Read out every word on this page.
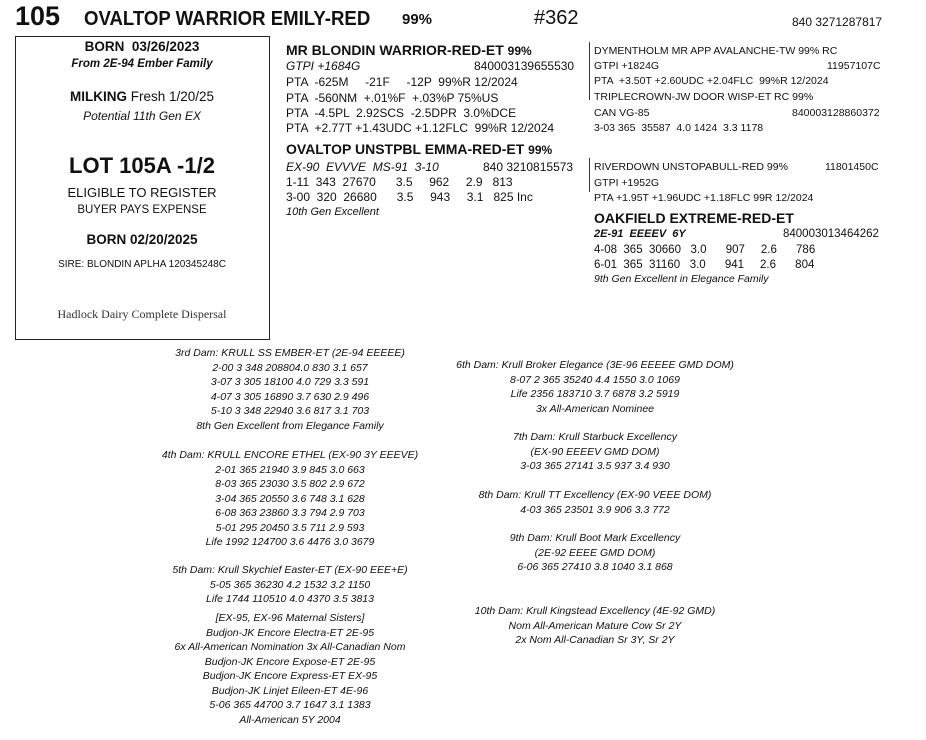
105 OVALTOP WARRIOR EMILY-RED 99%	#362	840 3271287817
BORN 03/26/2023
From 2E-94 Ember Family
MILKING Fresh 1/20/25
Potential 11th Gen EX
LOT 105A -1/2
ELIGIBLE TO REGISTER
BUYER PAYS EXPENSE
BORN 02/20/2025
SIRE: BLONDIN APLHA 120345248C
Hadlock Dairy Complete Dispersal
MR BLONDIN WARRIOR-RED-ET 99%
GTPI +1684G	840003139655530
PTA  -625M     -21F     -12P  99%R 12/2024
PTA  -560NM  +.01%F  +.03%P 75%US
PTA  -4.5PL  2.92SCS  -2.5DPR  3.0%DCE
PTA  +2.77T +1.43UDC +1.12FLC  99%R 12/2024
OVALTOP UNSTPBL EMMA-RED-ET 99%
EX-90  EVVVE  MS-91  3-10	840 3210815573
1-11  343  27670      3.5     962     2.9   813
3-00  320  26680      3.5     943     3.1   825 Inc
10th Gen Excellent
DYMENTHOLM MR APP AVALANCHE-TW 99% RC
GTPI +1824G	11957107C
PTA  +3.50T +2.60UDC +2.04FLC  99%R 12/2024
TRIPLECROWN-JW DOOR WISP-ET RC 99%
CAN VG-85	840003128860372
3-03 365  35587  4.0 1424  3.3 1178
RIVERDOWN UNSTOPABULL-RED 99%	11801450C
GTPI +1952G
PTA +1.95T +1.96UDC +1.18FLC 99R 12/2024
OAKFIELD EXTREME-RED-ET
2E-91  EEEEV  6Y	840003013464262
4-08  365  30660   3.0      907     2.6      786
6-01  365  31160   3.0      941     2.6      804
9th Gen Excellent in Elegance Family
3rd Dam: KRULL SS EMBER-ET (2E-94 EEEEE)
2-00 3 348 208804.0 830 3.1 657
3-07 3 305 18100 4.0 729 3.3 591
4-07 3 305 16890 3.7 630 2.9 496
5-10 3 348 22940 3.6 817 3.1 703
8th Gen Excellent from Elegance Family
4th Dam: KRULL ENCORE ETHEL (EX-90 3Y EEEVE)
2-01 365 21940 3.9 845 3.0 663
8-03 365 23030 3.5 802 2.9 672
3-04 365 20550 3.6 748 3.1 628
6-08 363 23860 3.3 794 2.9 703
5-01 295 20450 3.5 711 2.9 593
Life 1992 124700 3.6 4476 3.0 3679
5th Dam: Krull Skychief Easter-ET (EX-90 EEE+E)
5-05 365 36230 4.2 1532 3.2 1150
Life 1744 110510 4.0 4370 3.5 3813
[EX-95, EX-96 Maternal Sisters]
Budjon-JK Encore Electra-ET 2E-95
6x All-American Nomination 3x All-Canadian Nom
Budjon-JK Encore Expose-ET 2E-95
Budjon-JK Encore Express-ET EX-95
Budjon-JK Linjet Eileen-ET 4E-96
5-06 365 44700 3.7 1647 3.1 1383
All-American 5Y 2004
6th Dam: Krull Broker Elegance (3E-96 EEEEE GMD DOM)
8-07 2 365 35240 4.4 1550 3.0 1069
Life 2356 183710 3.7 6878 3.2 5919
3x All-American Nominee
7th Dam: Krull Starbuck Excellency
(EX-90 EEEEV GMD DOM)
3-03 365 27141 3.5 937 3.4 930
8th Dam: Krull TT Excellency (EX-90 VEEE DOM)
4-03 365 23501 3.9 906 3.3 772
9th Dam: Krull Boot Mark Excellency
(2E-92 EEEE GMD DOM)
6-06 365 27410 3.8 1040 3.1 868
10th Dam: Krull Kingstead Excellency (4E-92 GMD)
Nom All-American Mature Cow Sr 2Y
2x Nom All-Canadian Sr 3Y, Sr 2Y
